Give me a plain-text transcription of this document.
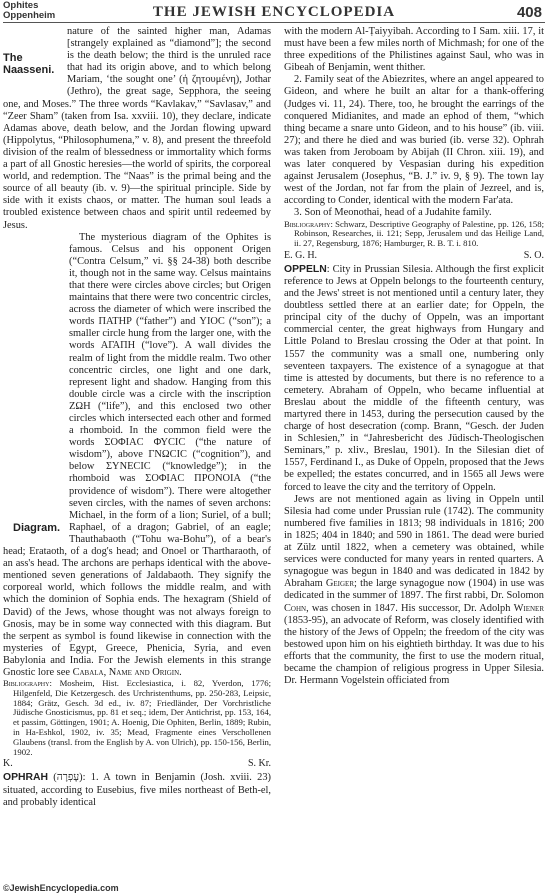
Ophites
Oppenheim	THE JEWISH ENCYCLOPEDIA	408

The Naasseni.
nature of the sainted higher man, Adamas [strangely explained as “diamond”]; the second is the death below; the third is the unruled race that had its origin above, and to which belong Mariam, ‘the sought one’ (ἡ ζητουμένη), Jothar (Jethro), the great sage, Sepphora, the seeing one, and Moses.” The three words “Kavlakav,” “Savlasav,” and “Zeer Sham” (taken from Isa. xxviii. 10), they declare, indicate Adamas above, death below, and the Jordan flowing upward (Hippolytus, “Philosophumena,” v. 8), and present the threefold division of the realm of blessedness or immortality which forms a part of all Gnostic heresies—the world of spirits, the corporeal world, and redemption. The “Naas” is the primal being and the source of all beauty (ib. v. 9)—the spiritual principle. Side by side with it exists chaos, or matter. The human soul leads a troubled existence between chaos and spirit until redeemed by Jesus.

Diagram.
The mysterious diagram of the Ophites is famous. Celsus and his opponent Origen (“Contra Celsum,” vi. §§ 24-38) both describe it, though not in the same way. Celsus maintains that there were circles above circles; but Origen maintains that there were two concentric circles, across the diameter of which were inscribed the words ΠΑΤΗΡ (“father”) and ΥΙΟC (“son”); a smaller circle hung from the larger one, with the words ΑΓΑΠΗ (“love”). A wall divides the realm of light from the middle realm. Two other concentric circles, one light and one dark, represent light and shadow. Hanging from this double circle was a circle with the inscription ΖΩΗ (“life”), and this enclosed two other circles which intersected each other and formed a rhomboid. In the common field were the words ΣΟΦΙΑC ΦΥCIC (“the nature of wisdom”), above ΓΝΩCIC (“cognition”), and below ΣΥΝΕCIC (“knowledge”); in the rhomboid was ΣΟΦΙΑC ΠΡΟΝΟΙΑ (“the providence of wisdom”). There were altogether seven circles, with the names of seven archons: Michael, in the form of a lion; Suriel, of a bull; Raphael, of a dragon; Gabriel, of an eagle; Thauthabaoth (“Tohu wa-Bohu”), of a bear's head; Erataoth, of a dog's head; and Onoel or Thartharaoth, of an ass's head. The archons are perhaps identical with the above-mentioned seven generations of Jaldabaoth. They signify the corporeal world, which follows the middle realm, and with which the dominion of Sophia ends. The hexagram (Shield of David) of the Jews, whose thought was not always foreign to Gnosis, may be in some way connected with this diagram. But the serpent as symbol is found likewise in connection with the mysteries of Egypt, Greece, Phenicia, Syria, and even Babylonia and India. For the Jewish elements in this strange Gnostic lore see Cabala, Name and Origin.

Bibliography: Mosheim, Hist. Ecclesiastica, i. 82, Yverdon, 1776; Hilgenfeld, Die Ketzergesch. des Urchristenthums, pp. 250-283, Leipsic, 1884; Grätz, Gesch. 3d ed., iv. 87; Friedländer, Der Vorchristliche Jüdische Gnosticismus, pp. 81 et seq.; idem, Der Antichrist, pp. 153, 164, et passim, Göttingen, 1901; A. Hoenig, Die Ophiten, Berlin, 1889; Rubin, in Ha-Eshkol, 1902, iv. 35; Mead, Fragmente eines Verschollenen Glaubens (transl. from the English by A. von Ulrich), pp. 150-156, Berlin, 1902.

K.	S. Kr.

OPHRAH (עָפְרָה): 1. A town in Benjamin (Josh. xviii. 23) situated, according to Eusebius, five miles northeast of Beth-el, and probably identical

with the modern Al-Ṭaiyyibah. According to I Sam. xiii. 17, it must have been a few miles north of Michmash; for one of the three expeditions of the Philistines against Saul, who was in Gibeah of Benjamin, went thither.

2. Family seat of the Abiezrites, where an angel appeared to Gideon, and where he built an altar for a thank-offering (Judges vi. 11, 24). There, too, he brought the earrings of the conquered Midianites, and made an ephod of them, “which thing became a snare unto Gideon, and to his house” (ib. viii. 27); and there he died and was buried (ib. verse 32). Ophrah was taken from Jeroboam by Abijah (II Chron. xiii. 19), and was later conquered by Vespasian during his expedition against Jerusalem (Josephus, “B. J.” iv. 9, § 9). The town lay west of the Jordan, not far from the plain of Jezreel, and is, according to Conder, identical with the modern Far'ata.

3. Son of Meonothai, head of a Judahite family.

Bibliography: Schwarz, Descriptive Geography of Palestine, pp. 126, 158; Robinson, Researches, ii. 121; Sepp, Jerusalem und das Heilige Land, ii. 27, Regensburg, 1876; Hamburger, R. B. T. i. 810.

E. G. H.	S. O.

OPPELN: City in Prussian Silesia. Although the first explicit reference to Jews at Oppeln belongs to the fourteenth century, and the Jews' street is not mentioned until a century later, they doubtless settled there at an earlier date; for Oppeln, the principal city of the duchy of Oppeln, was an important commercial center, the great highways from Hungary and Little Poland to Breslau crossing the Oder at that point. In 1557 the community was a small one, numbering only seventeen taxpayers. The existence of a synagogue at that time is attested by documents, but there is no reference to a cemetery. Abraham of Oppeln, who became influential at Breslau about the middle of the fifteenth century, was martyred there in 1453, during the persecution caused by the charge of host desecration (comp. Brann, “Gesch. der Juden in Schlesien,” in “Jahresbericht des Jüdisch-Theologischen Seminars,” p. xliv., Breslau, 1901). In the Silesian diet of 1557, Ferdinand I., as Duke of Oppeln, proposed that the Jews be expelled; the estates concurred, and in 1565 all Jews were forced to leave the city and the territory of Oppeln.

Jews are not mentioned again as living in Oppeln until Silesia had come under Prussian rule (1742). The community numbered five families in 1813; 98 individuals in 1816; 200 in 1825; 404 in 1840; and 590 in 1861. The dead were buried at Zülz until 1822, when a cemetery was obtained, while services were conducted for many years in rented quarters. A synagogue was begun in 1840 and was dedicated in 1842 by Abraham Geiger; the large synagogue now (1904) in use was dedicated in the summer of 1897. The first rabbi, Dr. Solomon Cohn, was chosen in 1847. His successor, Dr. Adolph Wiener (1853-95), an advocate of Reform, was closely identified with the history of the Jews of Oppeln; the freedom of the city was bestowed upon him on his eightieth birthday. It was due to his efforts that the community, the first to use the modern ritual, became the champion of religious progress in Upper Silesia. Dr. Hermann Vogelstein officiated from

©JewishEncyclopedia.com
